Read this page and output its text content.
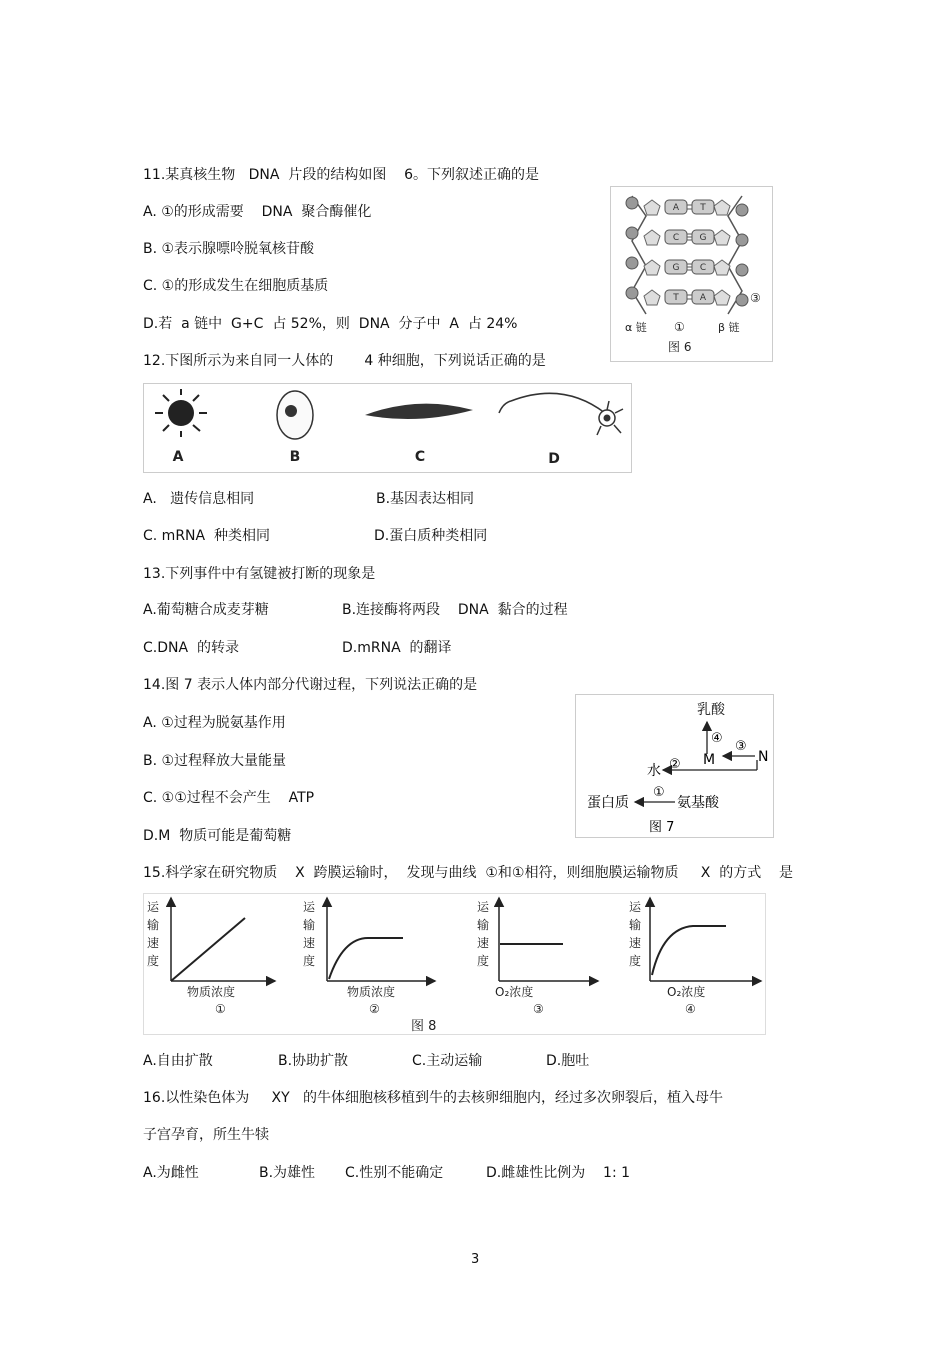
11.某真核生物   DNA  片段的结构如图    6。下列叙述正确的是
A. ①的形成需要    DNA  聚合酶催化
B. ①表示腺嘌呤脱氧核苷酸
C. ①的形成发生在细胞质基质
D.若  a 链中  G+C  占 52%，则  DNA  分子中  A  占 24%
A T
C G
G C
T A
α 链 ①	β 链
③
图 6
12.下图所示为来自同一人体的       4 种细胞，下列说话正确的是
A	B	C	D
A.   遗传信息相同	B.基因表达相同
C. mRNA  种类相同	D.蛋白质种类相同
13.下列事件中有氢键被打断的现象是
A.葡萄糖合成麦芽糖	B.连接酶将两段    DNA  黏合的过程
C.DNA  的转录	D.mRNA  的翻译
14.图 7 表示人体内部分代谢过程，下列说法正确的是
A. ①过程为脱氨基作用
B. ①过程释放大量能量
C. ①①过程不会产生    ATP
D.M  物质可能是葡萄糖
乳酸
④
M	N
③
水 ②
①
蛋白质	氨基酸
图 7
15.科学家在研究物质    X  跨膜运输时，  发现与曲线  ①和①相符，则细胞膜运输物质     X  的方式    是
运
输
速
度
物质浓度
①
运
输
速
度
物质浓度
②
运
输
速
度
O₂浓度
③
运
输
速
度
O₂浓度
④
图 8
A.自由扩散	B.协助扩散	C.主动运输	D.胞吐
16.以性染色体为     XY   的牛体细胞核移植到牛的去核卵细胞内，经过多次卵裂后，植入母牛
子宫孕育，所生牛犊
A.为雌性	B.为雄性 C.性别不能确定	D.雌雄性比例为    1: 1
3
